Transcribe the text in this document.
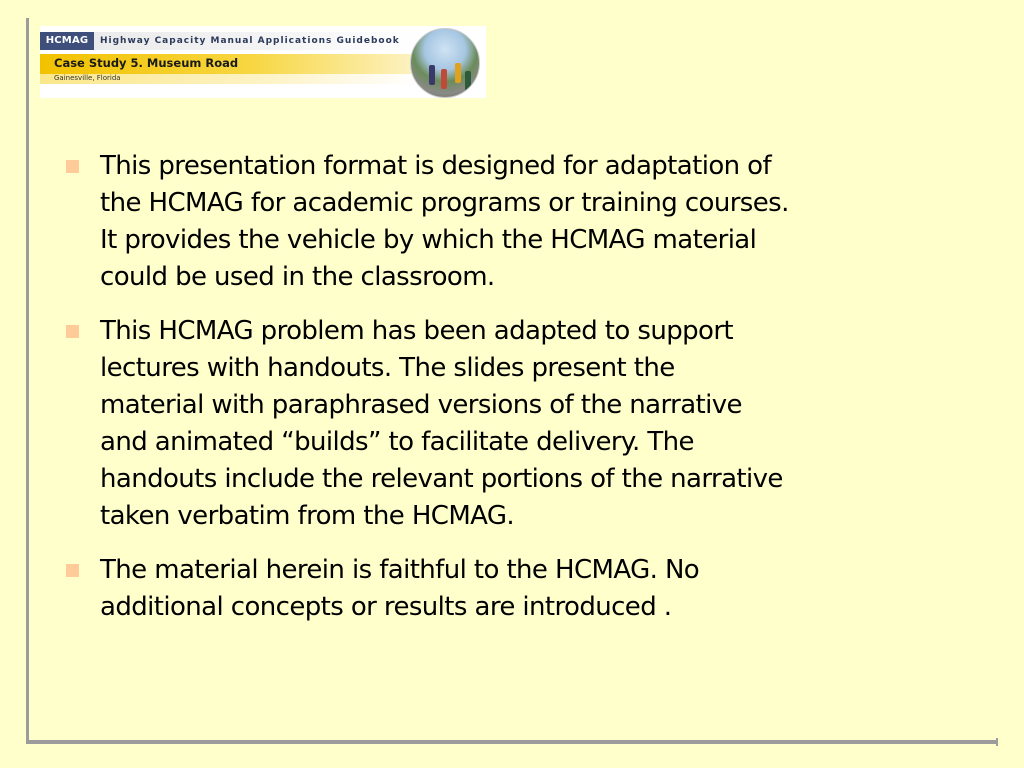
HCMAG	Highway Capacity Manual Applications Guidebook
Case Study 5. Museum Road
Gainesville, Florida
This presentation format is designed for adaptation of
the HCMAG for academic programs or training courses.
It provides the vehicle by which the HCMAG material
could be used in the classroom.
This HCMAG problem has been adapted to support
lectures with handouts. The slides present the
material with paraphrased versions of the narrative
and animated “builds” to facilitate delivery. The
handouts include the relevant portions of the narrative
taken verbatim from the HCMAG.
The material herein is faithful to the HCMAG. No
additional concepts or results are introduced .
